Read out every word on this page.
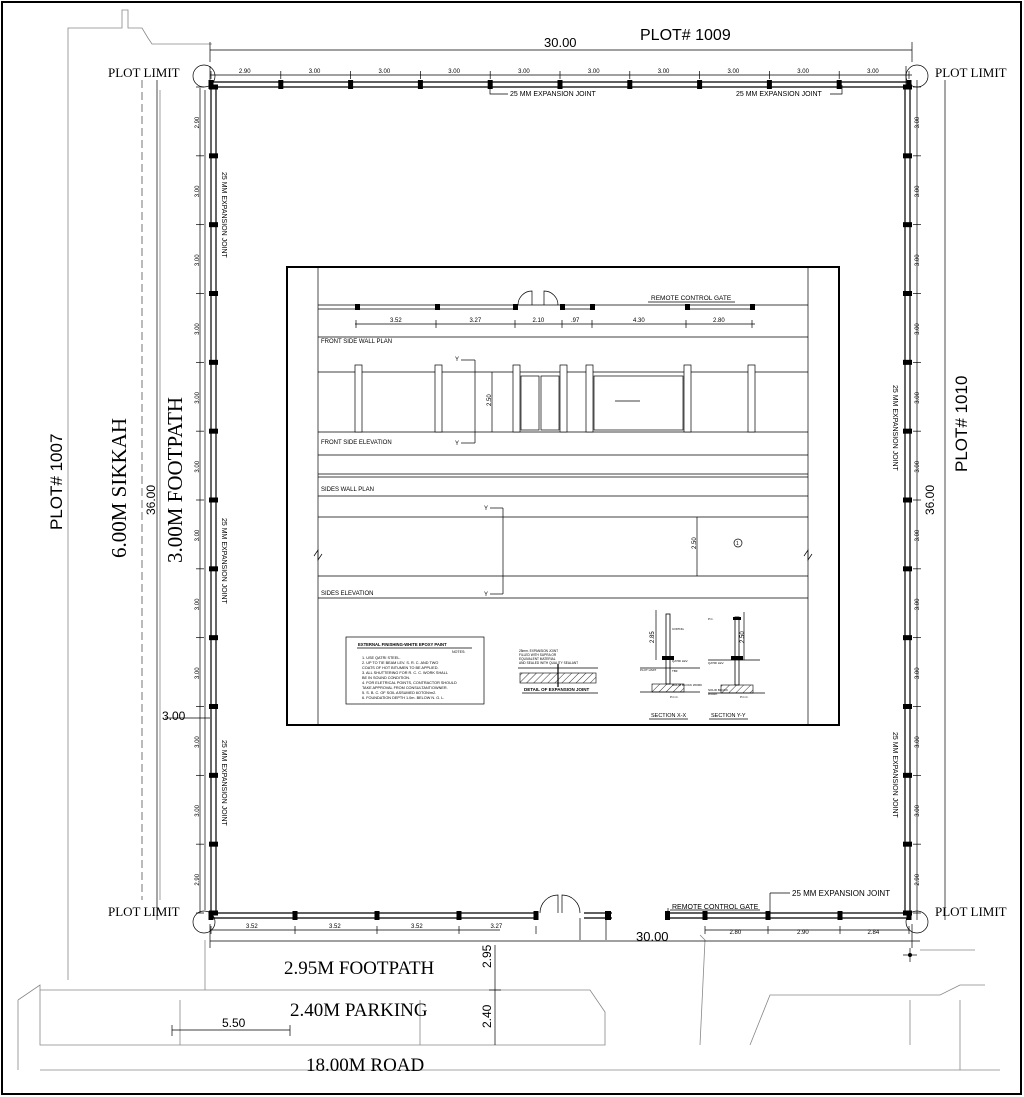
2.90	3.00	3.00	3.00	3.00	3.00	3.00	3.00	3.00	3.00
3.52	3.52	3.52	3.27
2.80	2.90	2.84
2.90
3.00
3.00
3.00
3.00
3.00
3.00
3.00
3.00
3.00
3.00
2.90
3.00
3.00
3.00
3.00
3.00
3.00
3.00
3.00
3.00
3.00
3.00
2.90
PLOT# 1009
30.00
PLOT LIMIT	PLOT LIMIT
PLOT LIMIT	PLOT LIMIT
PLOT# 1007 6.00M SIKKAH 3.00M FOOTPATH
36.00
3.00
PLOT# 1010
36.00
30.00
2.95M FOOTPATH
2.40M PARKING
18.00M ROAD
2.95
2.40
5.50
25 MM EXPANSION JOINT	25 MM EXPANSION JOINT
25 MM EXPANSION JOINT
25 MM EXPANSION JOINT
25 MM EXPANSION JOINT
25 MM EXPANSION JOINT
25 MM EXPANSION JOINT
25 MM EXPANSION JOINT
REMOTE CONTROL GATE
3.52	3.27	2.10	.97	4.30	2.80
FRONT SIDE WALL PLAN
REMOTE CONTROL GATE
2.50
Y
Y
FRONT SIDE ELEVATION
SIDES WALL PLAN
SIDES ELEVATION
2.50	1
Y
Y
EXTERNAL FINISHING-WHITE EPOXY PAINT
NOTES:
1. USE QATRI STEEL.
2. UP TO TIE BEAM LEV. S. R. C. AND TWO
COATS OF HOT BITUMEN TO BE APPLIED.
3. ALL SHUTTERING FOR R. C. C. WORK SHALL
BE IN SOUND CONDITION.
4. FOR ELETRICAL POINTS, CONTRACTOR SHOULD
TAKE APPROVAL FROM CONSULTANT/OWNER.
5. S. B. C. OF SOIL ASSUMED 6OTON/m2.
6. FOUNDATION DEPTH 1.0m. BELOW N. G. L.
25mm. EXPANSION JOINT
FILLED WITH SUPRA OR
EQUIVALENT MATERIAL
AND SEALED WITH QUALITY SEALANT
DETAIL OF EXPANSION JOINT
COPING
QATRI LEV.
TBF
SOLID BLOCK WORK
P.C.C.
PLOT LIMIT
2.85
SECTION X-X
P.C.
QATRI LEV.
SOLID BLOCK
WORK
P.C.C.
2.50
SECTION Y-Y
